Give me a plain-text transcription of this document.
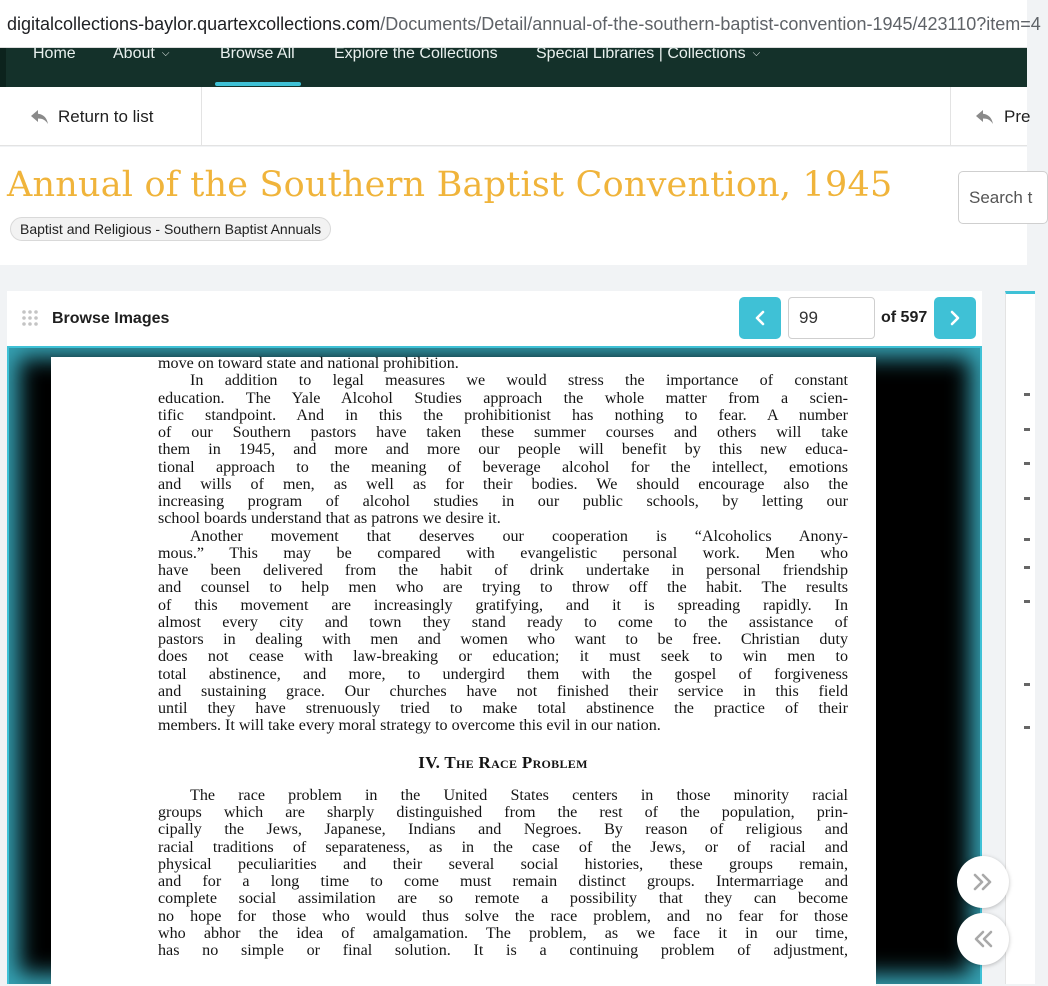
digitalcollections-baylor.quartexcollections.com/Documents/Detail/annual-of-the-southern-baptist-convention-1945/423110?item=4
Home About ⌵	Browse All Explore the Collections Special Libraries | Collections ⌵
Return to list	Pre
Annual of the Southern Baptist Convention, 1945
Baptist and Religious - Southern Baptist Annuals
Search t
Browse Images
99	of 597
move on toward state and national prohibition.
In addition to legal measures we would stress the importance of constant
education. The Yale Alcohol Studies approach the whole matter from a scien-
tific standpoint. And in this the prohibitionist has nothing to fear. A number
of our Southern pastors have taken these summer courses and others will take
them in 1945, and more and more our people will benefit by this new educa-
tional approach to the meaning of beverage alcohol for the intellect, emotions
and wills of men, as well as for their bodies. We should encourage also the
increasing program of alcohol studies in our public schools, by letting our
school boards understand that as patrons we desire it.
Another movement that deserves our cooperation is “Alcoholics Anony-
mous.” This may be compared with evangelistic personal work. Men who
have been delivered from the habit of drink undertake in personal friendship
and counsel to help men who are trying to throw off the habit. The results
of this movement are increasingly gratifying, and it is spreading rapidly. In
almost every city and town they stand ready to come to the assistance of
pastors in dealing with men and women who want to be free. Christian duty
does not cease with law-breaking or education; it must seek to win men to
total abstinence, and more, to undergird them with the gospel of forgiveness
and sustaining grace. Our churches have not finished their service in this field
until they have strenuously tried to make total abstinence the practice of their
members. It will take every moral strategy to overcome this evil in our nation.
IV. The Race Problem
The race problem in the United States centers in those minority racial
groups which are sharply distinguished from the rest of the population, prin-
cipally the Jews, Japanese, Indians and Negroes. By reason of religious and
racial traditions of separateness, as in the case of the Jews, or of racial and
physical peculiarities and their several social histories, these groups remain,
and for a long time to come must remain distinct groups. Intermarriage and
complete social assimilation are so remote a possibility that they can become
no hope for those who would thus solve the race problem, and no fear for those
who abhor the idea of amalgamation. The problem, as we face it in our time,
has no simple or final solution. It is a continuing problem of adjustment,
